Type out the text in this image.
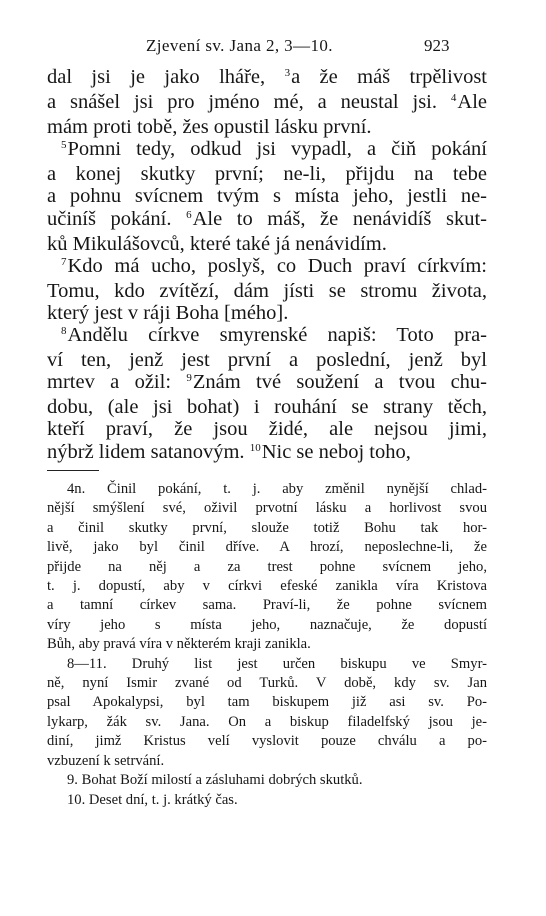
Zjevení sv. Jana 2, 3—10.	923
dal jsi je jako lháře, $^3$a že máš trpělivost
a snášel jsi pro jméno mé, a neustal jsi. $^4$Ale
mám proti tobě, žes opustil lásku první.
$^5$Pomni tedy, odkud jsi vypadl, a čiň pokání
a konej skutky první; ne-li, přijdu na tebe
a pohnu svícnem tvým s místa jeho, jestli ne-
učiníš pokání. $^6$Ale to máš, že nenávidíš skut-
ků Mikulášovců, které také já nenávidím.
$^7$Kdo má ucho, poslyš, co Duch praví církvím:
Tomu, kdo zvítězí, dám jísti se stromu života,
který jest v ráji Boha [mého].
$^8$Andělu církve smyrenské napiš: Toto pra-
ví ten, jenž jest první a poslední, jenž byl
mrtev a ožil: $^9$Znám tvé soužení a tvou chu-
dobu, (ale jsi bohat) i rouhání se strany těch,
kteří praví, že jsou židé, ale nejsou jimi,
nýbrž lidem satanovým. $^{10}$Nic se neboj toho,
4n. Činil pokání, t. j. aby změnil nynější chlad-
nější smýšlení své, oživil prvotní lásku a horlivost svou
a činil skutky první, slouže totiž Bohu tak hor-
livě, jako byl činil dříve. A hrozí, neposlechne-li, že
přijde na něj a za trest pohne svícnem jeho,
t. j. dopustí, aby v církvi efeské zanikla víra Kristova
a tamní církev sama. Praví-li, že pohne svícnem
víry jeho s místa jeho, naznačuje, že dopustí
Bůh, aby pravá víra v některém kraji zanikla.
8—11. Druhý list jest určen biskupu ve Smyr-
ně, nyní Ismir zvané od Turků. V době, kdy sv. Jan
psal Apokalypsi, byl tam biskupem již asi sv. Po-
lykarp, žák sv. Jana. On a biskup filadelfský jsou je-
diní, jimž Kristus velí vyslovit pouze chválu a po-
vzbuzení k setrvání.
9. Bohat Boží milostí a zásluhami dobrých skutků.
10. Deset dní, t. j. krátký čas.
